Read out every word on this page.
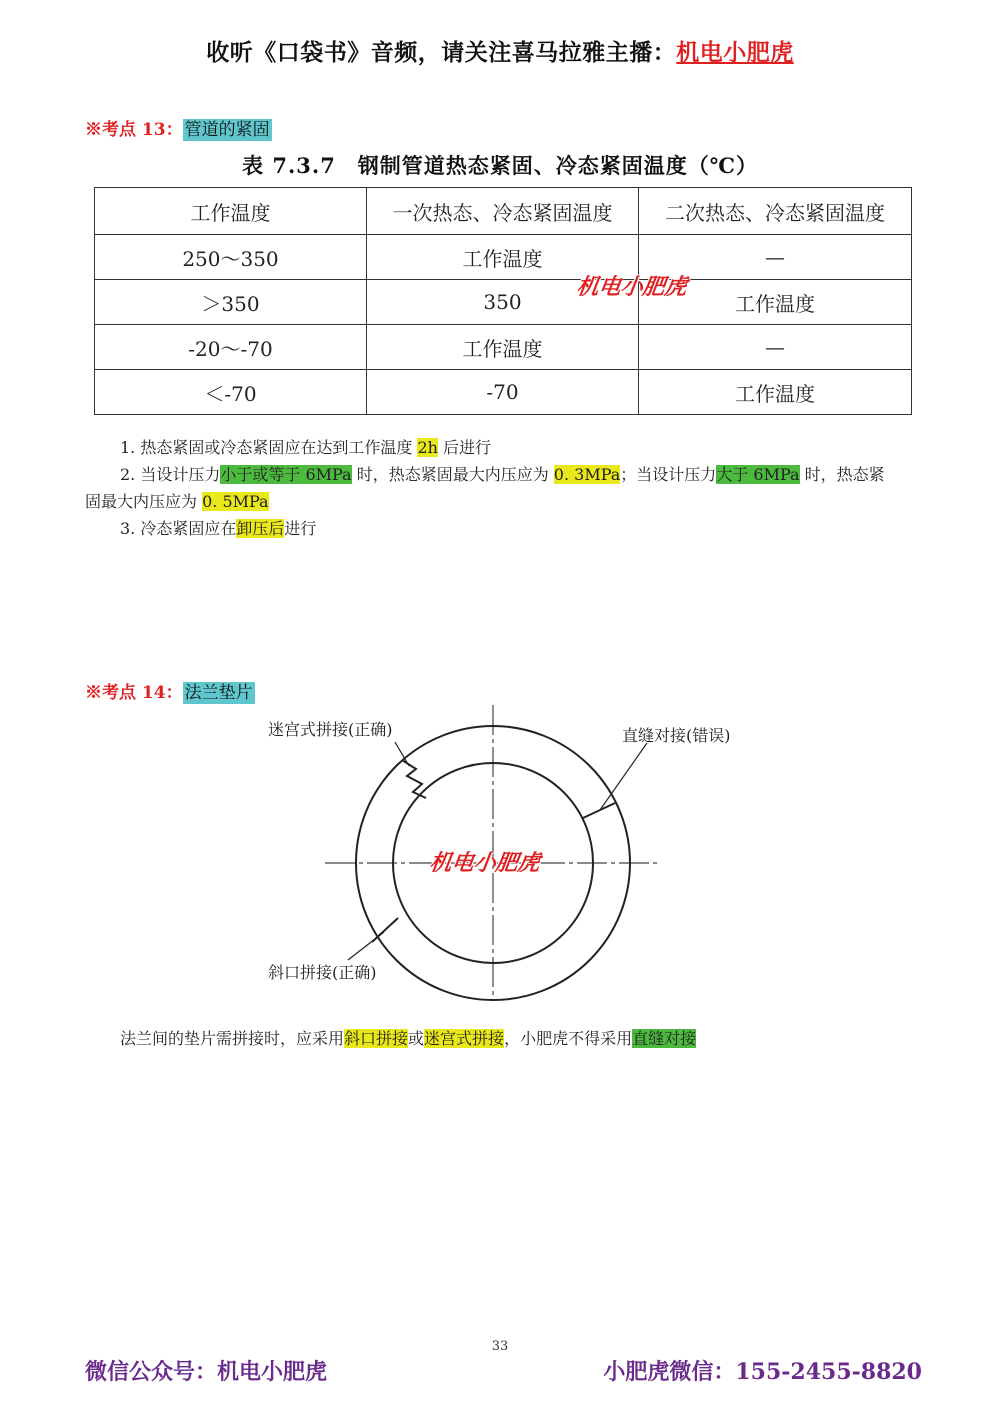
收听《口袋书》音频，请关注喜马拉雅主播：机电小肥虎
※考点 13： 管道的紧固
表 7.3.7　钢制管道热态紧固、冷态紧固温度（℃）
工作温度	一次热态、冷态紧固温度	二次热态、冷态紧固温度
250～350	工作温度	—
＞350	350	工作温度
-20～-70	工作温度	—
＜-70	-70	工作温度
机电小肥虎
1. 热态紧固或冷态紧固应在达到工作温度 2h 后进行
2. 当设计压力小于或等于 6MPa 时，热态紧固最大内压应为 0. 3MPa；当设计压力大于 6MPa 时，热态紧
固最大内压应为 0. 5MPa
3. 冷态紧固应在卸压后进行
※考点 14： 法兰垫片
迷宫式拼接(正确)	直缝对接(错误)
斜口拼接(正确)
机电小肥虎
法兰间的垫片需拼接时，应采用斜口拼接或迷宫式拼接，小肥虎不得采用直缝对接
33
微信公众号：机电小肥虎	小肥虎微信：155-2455-8820
